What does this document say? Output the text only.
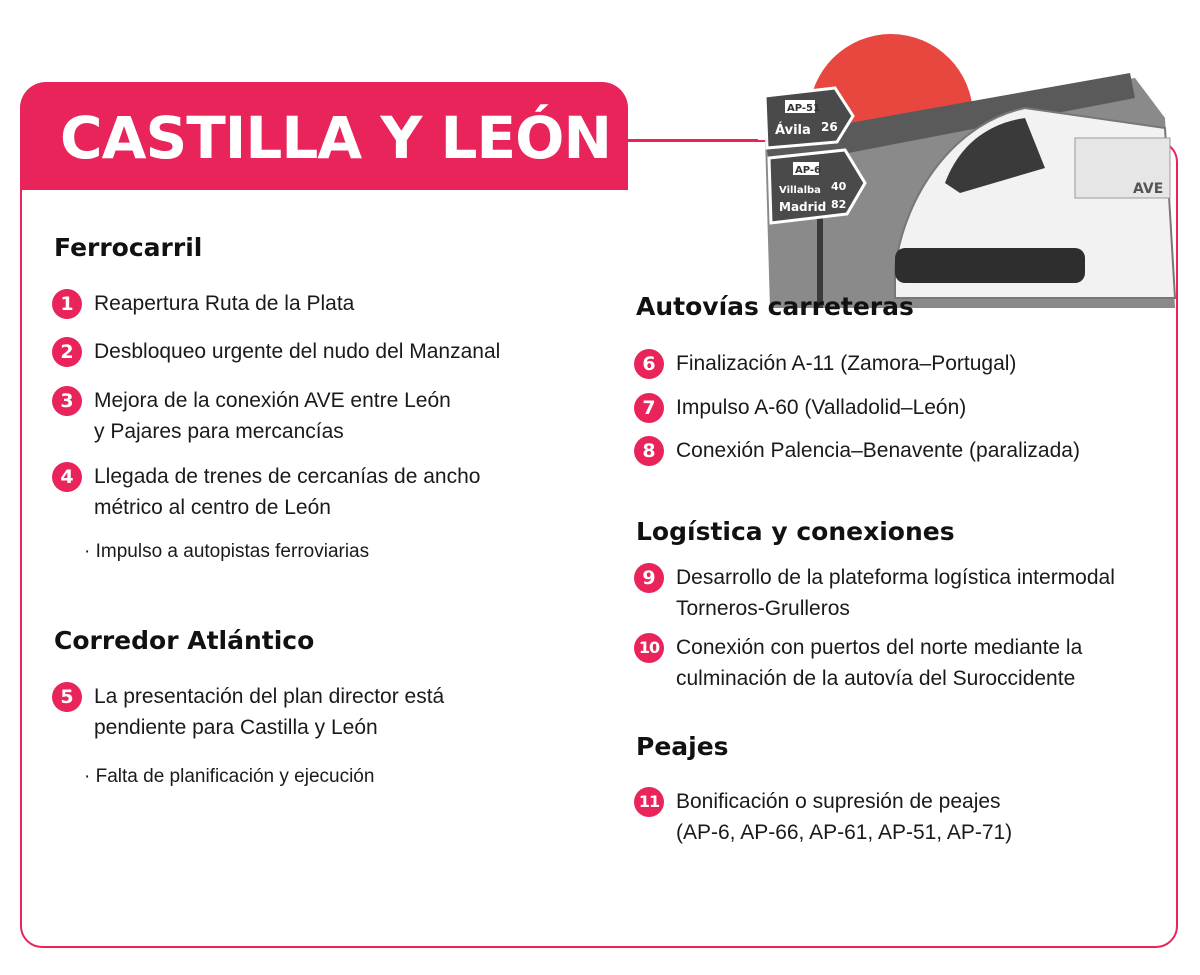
CASTILLA Y LEÓN	AP-51
Ávila 26
AP-6
Villalba 40
Madrid 82
AVE
Ferrocarril
1 Reapertura Ruta de la Plata
2 Desbloqueo urgente del nudo del Manzanal
3 Mejora de la conexión AVE entre León
y Pajares para mercancías
4 Llegada de trenes de cercanías de ancho
métrico al centro de León
· Impulso a autopistas ferroviarias
Corredor Atlántico
5 La presentación del plan director está
pendiente para Castilla y León
· Falta de planificación y ejecución
Autovías carreteras
6 Finalización A-11 (Zamora–Portugal)
7 Impulso A-60 (Valladolid–León)
8 Conexión Palencia–Benavente (paralizada)
Logística y conexiones
9 Desarrollo de la plateforma logística intermodal
Torneros-Grulleros
10 Conexión con puertos del norte mediante la
culminación de la autovía del Suroccidente
Peajes
11 Bonificación o supresión de peajes
(AP-6, AP-66, AP-61, AP-51, AP-71)
